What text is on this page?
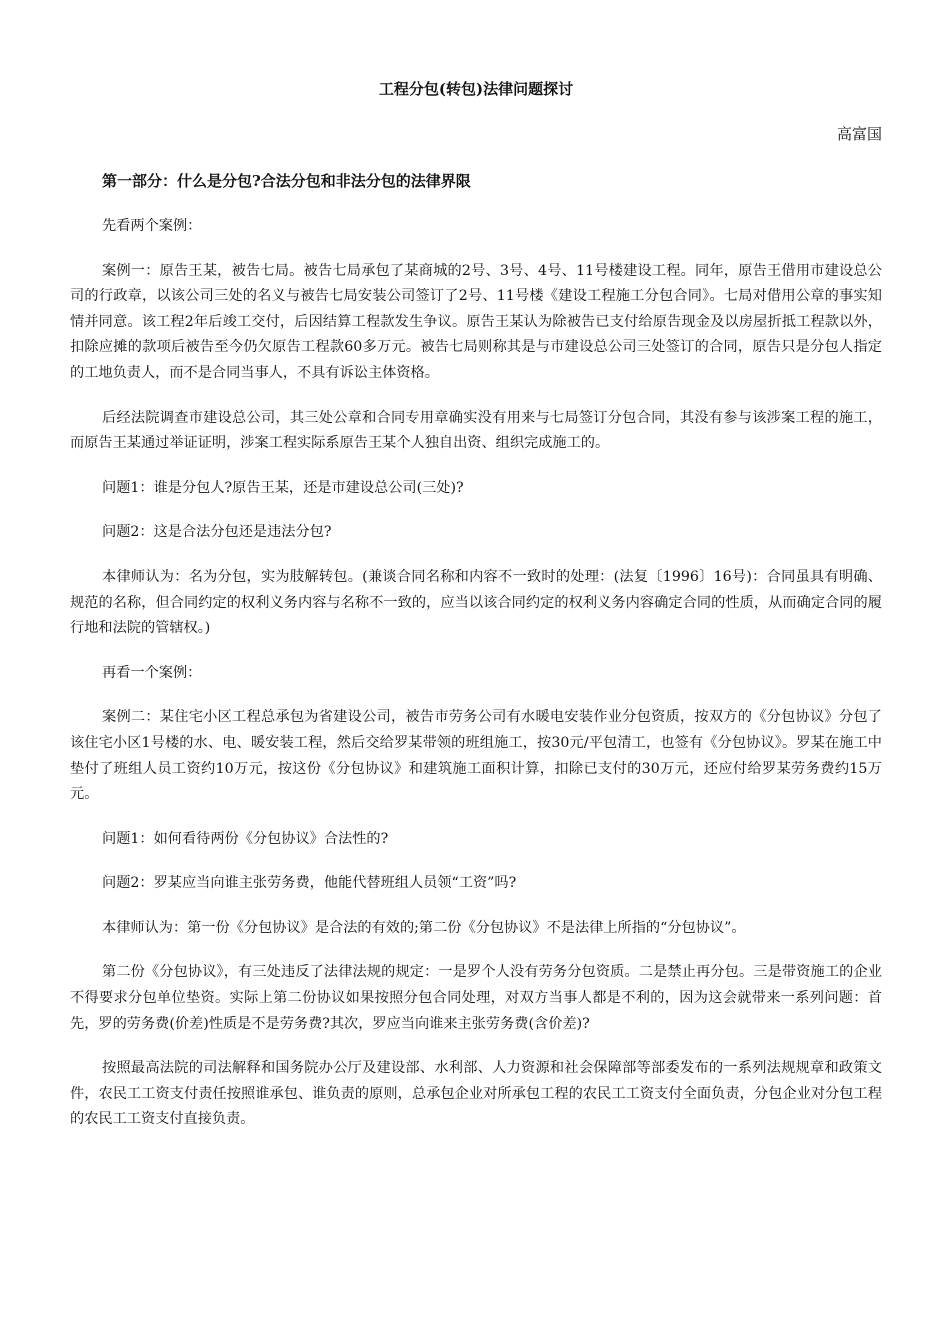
工程分包(转包)法律问题探讨
高富国
第一部分：什么是分包?合法分包和非法分包的法律界限

先看两个案例：

案例一：原告王某，被告七局。被告七局承包了某商城的2号、3号、4号、11号楼建设工程。同年，原告王借用市建设总公司的行政章，以该公司三处的名义与被告七局安装公司签订了2号、11号楼《建设工程施工分包合同》。七局对借用公章的事实知情并同意。该工程2年后竣工交付，后因结算工程款发生争议。原告王某认为除被告已支付给原告现金及以房屋折抵工程款以外，扣除应摊的款项后被告至今仍欠原告工程款60多万元。被告七局则称其是与市建设总公司三处签订的合同，原告只是分包人指定的工地负责人，而不是合同当事人，不具有诉讼主体资格。

后经法院调查市建设总公司，其三处公章和合同专用章确实没有用来与七局签订分包合同，其没有参与该涉案工程的施工，而原告王某通过举证证明，涉案工程实际系原告王某个人独自出资、组织完成施工的。

问题1：谁是分包人?原告王某，还是市建设总公司(三处)?

问题2：这是合法分包还是违法分包?

本律师认为：名为分包，实为肢解转包。(兼谈合同名称和内容不一致时的处理：(法复〔1996〕16号)：合同虽具有明确、规范的名称，但合同约定的权利义务内容与名称不一致的，应当以该合同约定的权利义务内容确定合同的性质，从而确定合同的履行地和法院的管辖权。)

再看一个案例：

案例二：某住宅小区工程总承包为省建设公司，被告市劳务公司有水暖电安装作业分包资质，按双方的《分包协议》分包了该住宅小区1号楼的水、电、暖安装工程，然后交给罗某带领的班组施工，按30元/平包清工，也签有《分包协议》。罗某在施工中垫付了班组人员工资约10万元，按这份《分包协议》和建筑施工面积计算，扣除已支付的30万元，还应付给罗某劳务费约15万元。

问题1：如何看待两份《分包协议》合法性的?

问题2：罗某应当向谁主张劳务费，他能代替班组人员领“工资”吗?

本律师认为：第一份《分包协议》是合法的有效的;第二份《分包协议》不是法律上所指的“分包协议”。

第二份《分包协议》，有三处违反了法律法规的规定：一是罗个人没有劳务分包资质。二是禁止再分包。三是带资施工的企业不得要求分包单位垫资。实际上第二份协议如果按照分包合同处理，对双方当事人都是不利的，因为这会就带来一系列问题：首先，罗的劳务费(价差)性质是不是劳务费?其次，罗应当向谁来主张劳务费(含价差)?

按照最高法院的司法解释和国务院办公厅及建设部、水利部、人力资源和社会保障部等部委发布的一系列法规规章和政策文件，农民工工资支付责任按照谁承包、谁负责的原则，总承包企业对所承包工程的农民工工资支付全面负责，分包企业对分包工程的农民工工资支付直接负责。
